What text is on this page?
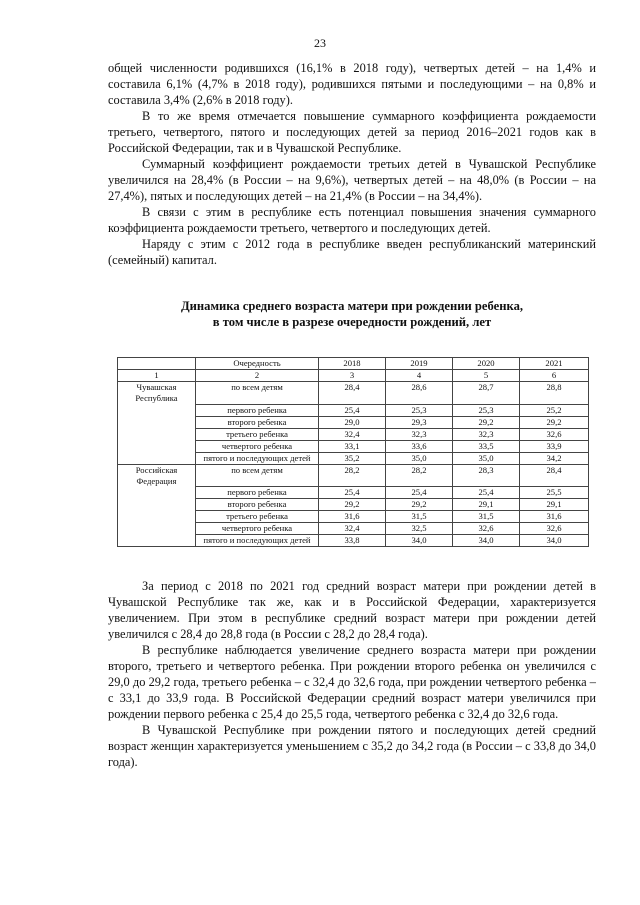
23

общей численности родившихся (16,1% в 2018 году), четвертых детей – на 1,4% и составила 6,1% (4,7% в 2018 году), родившихся пятыми и последующими – на 0,8% и составила 3,4% (2,6% в 2018 году).

В то же время отмечается повышение суммарного коэффициента рождаемости третьего, четвертого, пятого и последующих детей за период 2016–2021 годов как в Российской Федерации, так и в Чувашской Республике.

Суммарный коэффициент рождаемости третьих детей в Чувашской Республике увеличился на 28,4% (в России – на 9,6%), четвертых детей – на 48,0% (в России – на 27,4%), пятых и последующих детей – на 21,4% (в России – на 34,4%).

В связи с этим в республике есть потенциал повышения значения суммарного коэффициента рождаемости третьего, четвертого и последующих детей.

Наряду с этим с 2012 года в республике введен республиканский материнский (семейный) капитал.

Динамика среднего возраста матери при рождении ребенка,
в том числе в разрезе очередности рождений, лет
	Очередность	2018	2019	2020	2021
1	2	3	4	5	6
Чувашская Республика	по всем детям	28,4	28,6	28,7	28,8
	первого ребенка	25,4	25,3	25,3	25,2
	второго ребенка	29,0	29,3	29,2	29,2
	третьего ребенка	32,4	32,3	32,3	32,6
	четвертого ребенка	33,1	33,6	33,5	33,9
	пятого и последующих детей	35,2	35,0	35,0	34,2
Российская Федерация	по всем детям	28,2	28,2	28,3	28,4
	первого ребенка	25,4	25,4	25,4	25,5
	второго ребенка	29,2	29,2	29,1	29,1
	третьего ребенка	31,6	31,5	31,5	31,6
	четвертого ребенка	32,4	32,5	32,6	32,6
	пятого и последующих детей	33,8	34,0	34,0	34,0

За период с 2018 по 2021 год средний возраст матери при рождении детей в Чувашской Республике так же, как и в Российской Федерации, характеризуется увеличением. При этом в республике средний возраст матери при рождении детей увеличился с 28,4 до 28,8 года (в России с 28,2 до 28,4 года).

В республике наблюдается увеличение среднего возраста матери при рождении второго, третьего и четвертого ребенка. При рождении второго ребенка он увеличился с 29,0 до 29,2 года, третьего ребенка – с 32,4 до 32,6 года, при рождении четвертого ребенка – с 33,1 до 33,9 года. В Российской Федерации средний возраст матери увеличился при рождении первого ребенка с 25,4 до 25,5 года, четвертого ребенка с 32,4 до 32,6 года.

В Чувашской Республике при рождении пятого и последующих детей средний возраст женщин характеризуется уменьшением с 35,2 до 34,2 года (в России – с 33,8 до 34,0 года).
